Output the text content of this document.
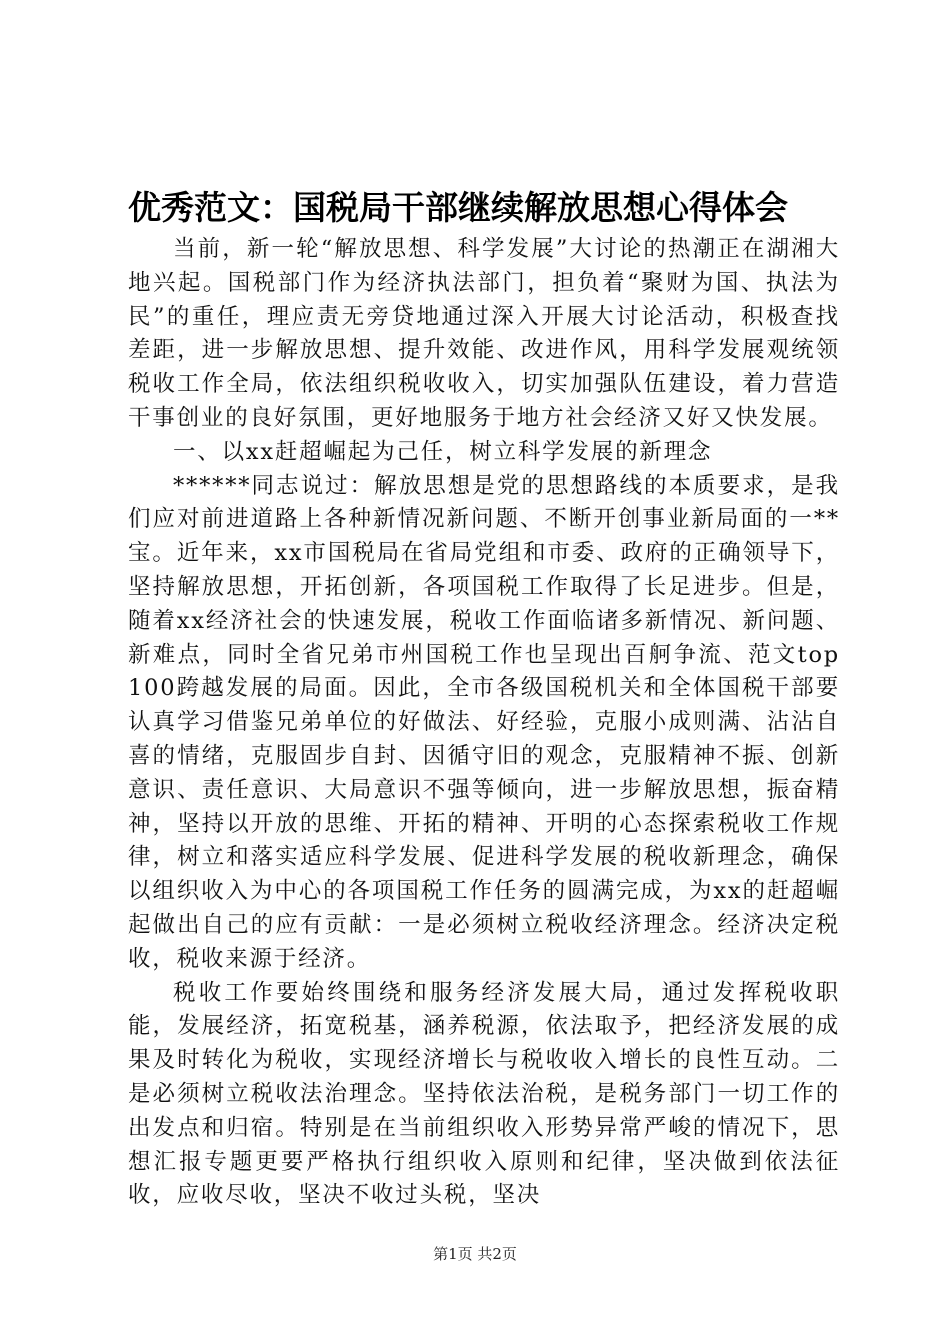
优秀范文：国税局干部继续解放思想心得体会

当前，新一轮“解放思想、科学发展”大讨论的热潮正在湖湘大地兴起。国税部门作为经济执法部门，担负着“聚财为国、执法为民”的重任，理应责无旁贷地通过深入开展大讨论活动，积极查找差距，进一步解放思想、提升效能、改进作风，用科学发展观统领税收工作全局，依法组织税收收入，切实加强队伍建设，着力营造干事创业的良好氛围，更好地服务于地方社会经济又好又快发展。

一、以xx赶超崛起为己任，树立科学发展的新理念

******同志说过：解放思想是党的思想路线的本质要求，是我们应对前进道路上各种新情况新问题、不断开创事业新局面的一**宝。近年来，xx市国税局在省局党组和市委、政府的正确领导下，坚持解放思想，开拓创新，各项国税工作取得了长足进步。但是，随着xx经济社会的快速发展，税收工作面临诸多新情况、新问题、新难点，同时全省兄弟市州国税工作也呈现出百舸争流、范文top100跨越发展的局面。因此，全市各级国税机关和全体国税干部要认真学习借鉴兄弟单位的好做法、好经验，克服小成则满、沾沾自喜的情绪，克服固步自封、因循守旧的观念，克服精神不振、创新意识、责任意识、大局意识不强等倾向，进一步解放思想，振奋精神，坚持以开放的思维、开拓的精神、开明的心态探索税收工作规律，树立和落实适应科学发展、促进科学发展的税收新理念，确保以组织收入为中心的各项国税工作任务的圆满完成，为xx的赶超崛起做出自己的应有贡献：一是必须树立税收经济理念。经济决定税收，税收来源于经济。

税收工作要始终围绕和服务经济发展大局，通过发挥税收职能，发展经济，拓宽税基，涵养税源，依法取予，把经济发展的成果及时转化为税收，实现经济增长与税收收入增长的良性互动。二是必须树立税收法治理念。坚持依法治税，是税务部门一切工作的出发点和归宿。特别是在当前组织收入形势异常严峻的情况下，思想汇报专题更要严格执行组织收入原则和纪律，坚决做到依法征收，应收尽收，坚决不收过头税，坚决

第1页 共2页
